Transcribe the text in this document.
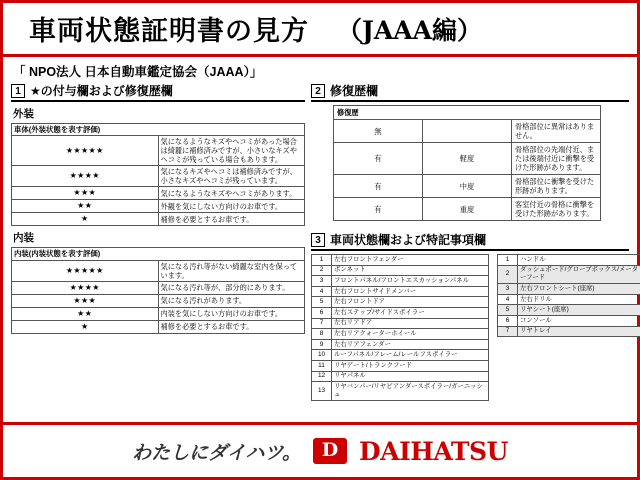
車両状態証明書の見方 （JAAA編）
「 NPO法人 日本自動車鑑定協会（JAAA）」
1 ★の付与欄および修復歴欄
外装
車体(外装状態を表す評価)	
★★★★★	気になるようなキズやヘコミがあった場合は綺麗に補修済みですが、小さいなキズやヘコミが残っている場合もあります。
★★★★	気になるキズやヘコミは補修済みですが、小さなキズやヘコミが残っています。
★★★	気になるようなキズやヘコミがあります。
★★	外観を気にしない方向けのお車です。
★	補修を必要とするお車です。
内装
内装(内装状態を表す評価)	
★★★★★	気になる汚れ等がない綺麗な室内を保っています。
★★★★	気になる汚れ等が、部分的にあります。
★★★	気になる汚れがあります。
★★	内装を気にしない方向けのお車です。
★	補修を必要とするお車です。
2 修復歴欄
修復歴		
無		骨格部位に異常はありません。
有	軽度	骨格部位の先端付近、または後端付近に衝撃を受けた形跡があります。
有	中度	骨格部位に衝撃を受けた形跡があります。
有	重度	客室付近の骨格に衝撃を受けた形跡があります。
3 車両状態欄および特記事項欄
1	左右フロントフェンダー
2	ボンネット
3	フロントパネル/フロントエスカッションパネル
4	左右フロントサイドメンバー
5	左右フロントドア
6	左右ステップ/サイドスポイラー
7	左右リアドア
8	左右リアクォーターホイール
9	左右リアフェンダー
10	ルーフパネル/フレーム/レールフスポイラー
11	リヤゲート/トランクフード
12	リヤパネル
13	リヤバンパー/リヤビアンダースポイラー/ガーニッシュ
1	ハンドル
2	ダッシュボード/グローブボックス/メーターフード
3	左右フロントシート(座席)
4	左右ドリル
5	リヤシート(座席)
6	コンソール
7	リヤトレイ
わたしにダイハツ。 D DAIHATSU
